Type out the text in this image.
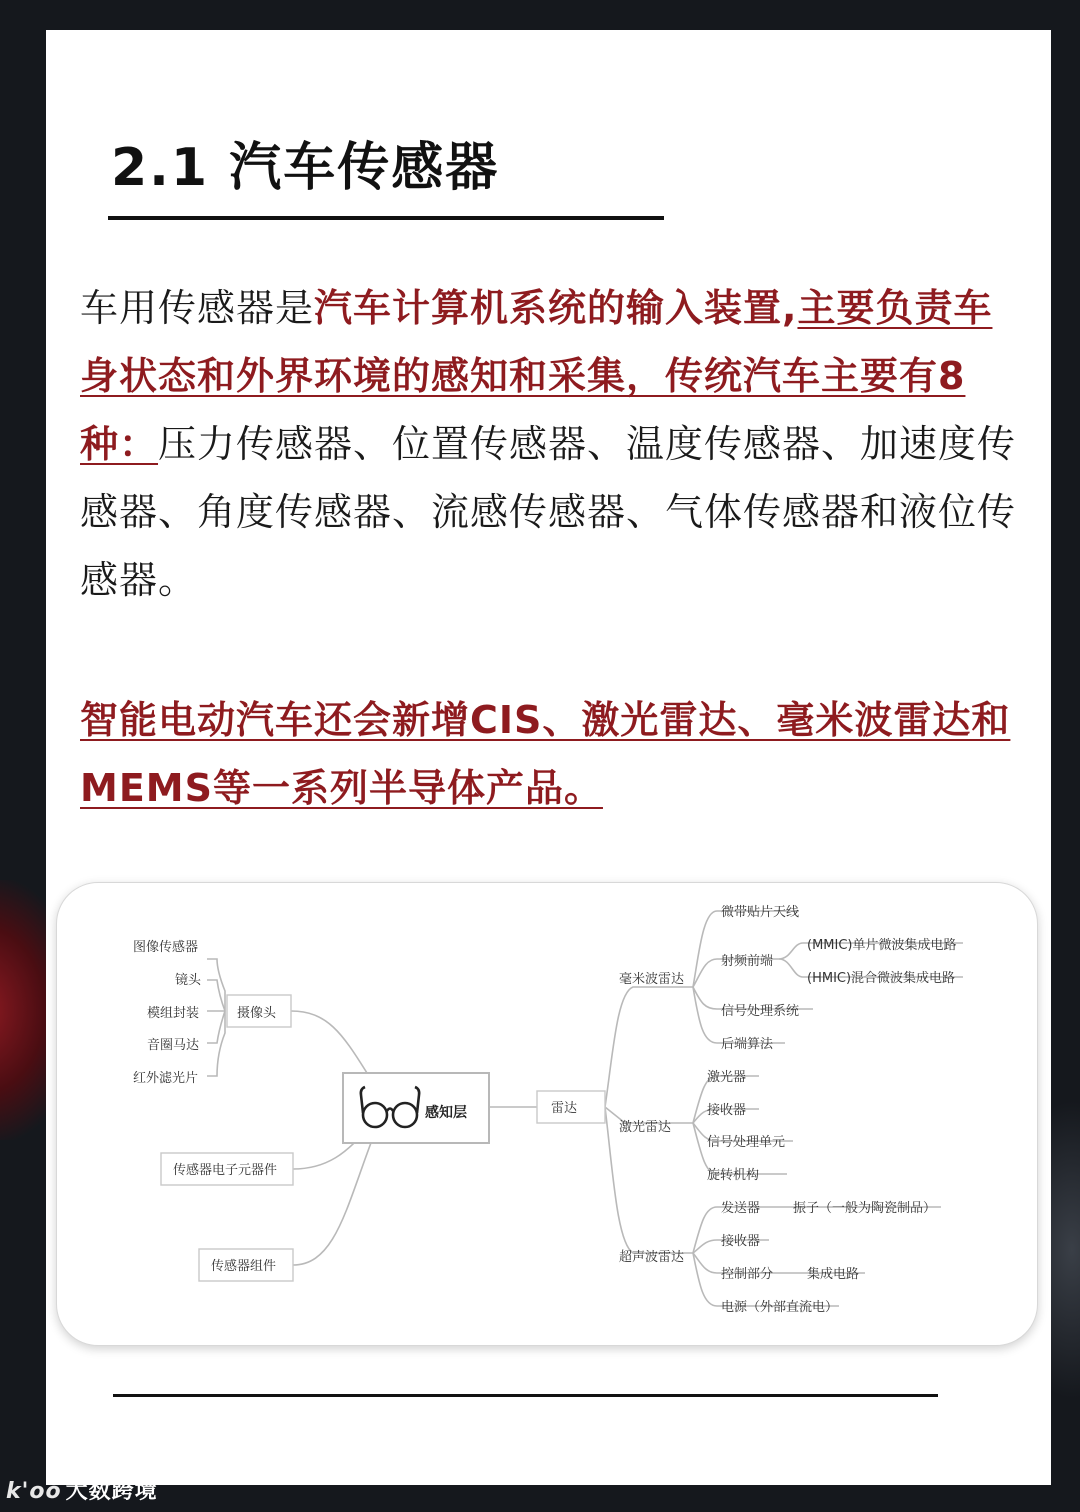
2.1 汽车传感器

车用传感器是汽车计算机系统的输入装置,主要负责车身状态和外界环境的感知和采集，传统汽车主要有8种：压力传感器、位置传感器、温度传感器、加速度传感器、角度传感器、流感传感器、气体传感器和液位传感器。

智能电动汽车还会新增CIS、激光雷达、毫米波雷达和MEMS等一系列半导体产品。

图像传感器
镜头
模组封装
音圈马达
红外滤光片
摄像头
感知层
传感器电子元器件
传感器组件
雷达
毫米波雷达
微带贴片天线
射频前端
(MMIC)单片微波集成电路
(HMIC)混合微波集成电路
信号处理系统
后端算法
激光雷达
激光器
接收器
信号处理单元
旋转机构
超声波雷达
发送器	振子（一般为陶瓷制品）
接收器
控制部分	集成电路
电源（外部直流电）
k'oo 大数跨境
